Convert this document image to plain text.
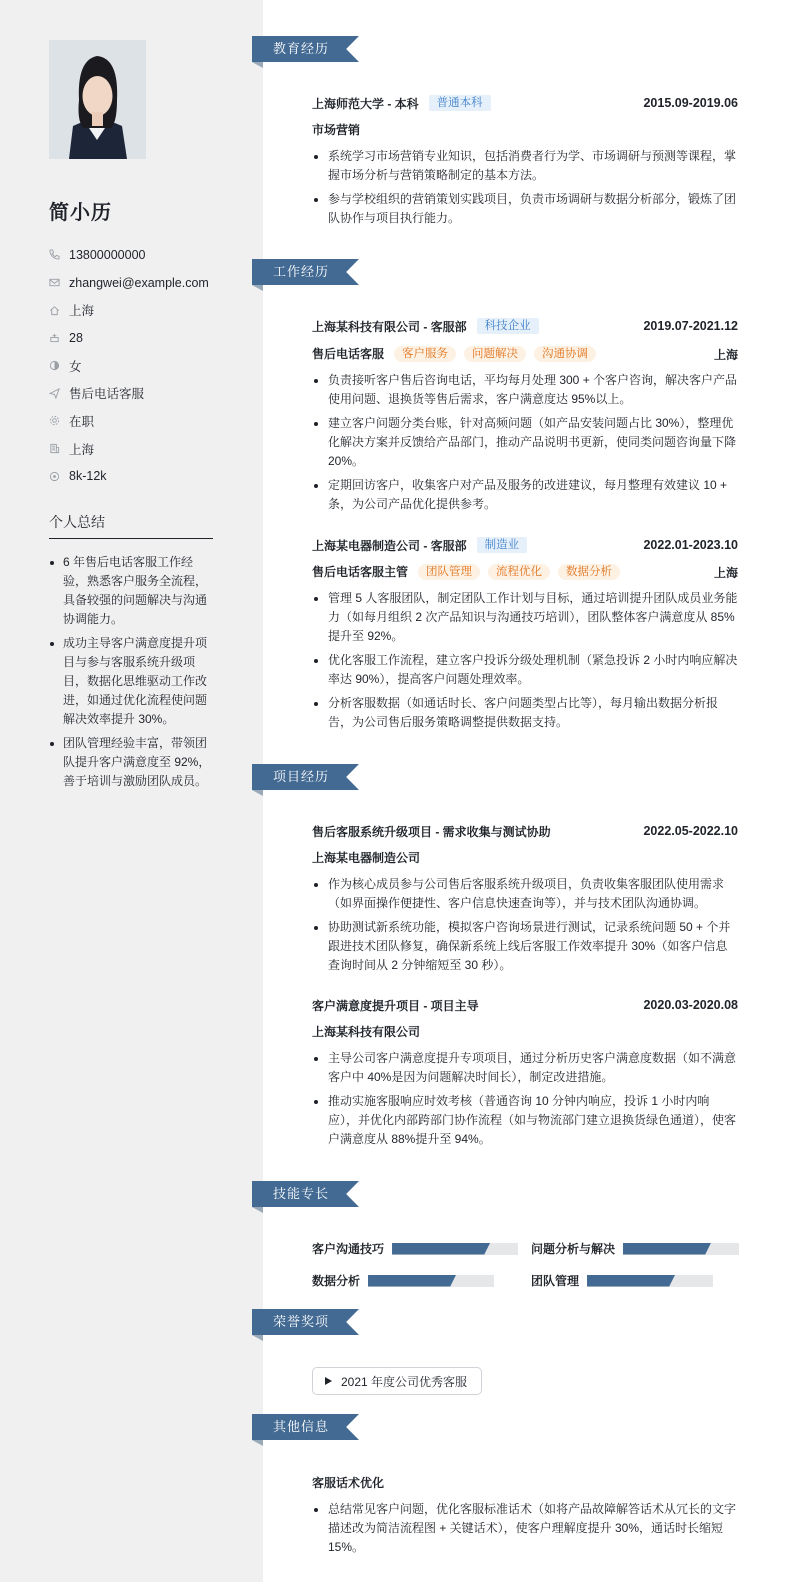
简小历
13800000000
zhangwei@example.com
上海
28
女
售后电话客服
在职
上海
8k-12k
个人总结
6 年售后电话客服工作经验，熟悉客户服务全流程，具备较强的问题解决与沟通协调能力。
成功主导客户满意度提升项目与参与客服系统升级项目，数据化思维驱动工作改进，如通过优化流程使问题解决效率提升 30%。
团队管理经验丰富，带领团队提升客户满意度至 92%，善于培训与激励团队成员。
教育经历
上海师范大学 - 本科	普通本科	2015.09-2019.06
市场营销
系统学习市场营销专业知识，包括消费者行为学、市场调研与预测等课程，掌握市场分析与营销策略制定的基本方法。
参与学校组织的营销策划实践项目，负责市场调研与数据分析部分，锻炼了团队协作与项目执行能力。
工作经历
上海某科技有限公司 - 客服部	科技企业	2019.07-2021.12
售后电话客服	客户服务	问题解决	沟通协调	上海
负责接听客户售后咨询电话，平均每月处理 300 + 个客户咨询，解决客户产品使用问题、退换货等售后需求，客户满意度达 95%以上。
建立客户问题分类台账，针对高频问题（如产品安装问题占比 30%），整理优化解决方案并反馈给产品部门，推动产品说明书更新，使同类问题咨询量下降 20%。
定期回访客户，收集客户对产品及服务的改进建议，每月整理有效建议 10 + 条，为公司产品优化提供参考。
上海某电器制造公司 - 客服部	制造业	2022.01-2023.10
售后电话客服主管	团队管理	流程优化	数据分析	上海
管理 5 人客服团队，制定团队工作计划与目标，通过培训提升团队成员业务能力（如每月组织 2 次产品知识与沟通技巧培训），团队整体客户满意度从 85%提升至 92%。
优化客服工作流程，建立客户投诉分级处理机制（紧急投诉 2 小时内响应解决率达 90%），提高客户问题处理效率。
分析客服数据（如通话时长、客户问题类型占比等），每月输出数据分析报告，为公司售后服务策略调整提供数据支持。
项目经历
售后客服系统升级项目 - 需求收集与测试协助	2022.05-2022.10
上海某电器制造公司
作为核心成员参与公司售后客服系统升级项目，负责收集客服团队使用需求（如界面操作便捷性、客户信息快速查询等），并与技术团队沟通协调。
协助测试新系统功能，模拟客户咨询场景进行测试，记录系统问题 50 + 个并跟进技术团队修复，确保新系统上线后客服工作效率提升 30%（如客户信息查询时间从 2 分钟缩短至 30 秒）。
客户满意度提升项目 - 项目主导	2020.03-2020.08
上海某科技有限公司
主导公司客户满意度提升专项项目，通过分析历史客户满意度数据（如不满意客户中 40%是因为问题解决时间长），制定改进措施。
推动实施客服响应时效考核（普通咨询 10 分钟内响应，投诉 1 小时内响应），并优化内部跨部门协作流程（如与物流部门建立退换货绿色通道），使客户满意度从 88%提升至 94%。
技能专长
客户沟通技巧	问题分析与解决
数据分析	团队管理
荣誉奖项
2021 年度公司优秀客服
其他信息
客服话术优化
总结常见客户问题，优化客服标准话术（如将产品故障解答话术从冗长的文字描述改为简洁流程图 + 关键话术），使客户理解度提升 30%，通话时长缩短 15%。
